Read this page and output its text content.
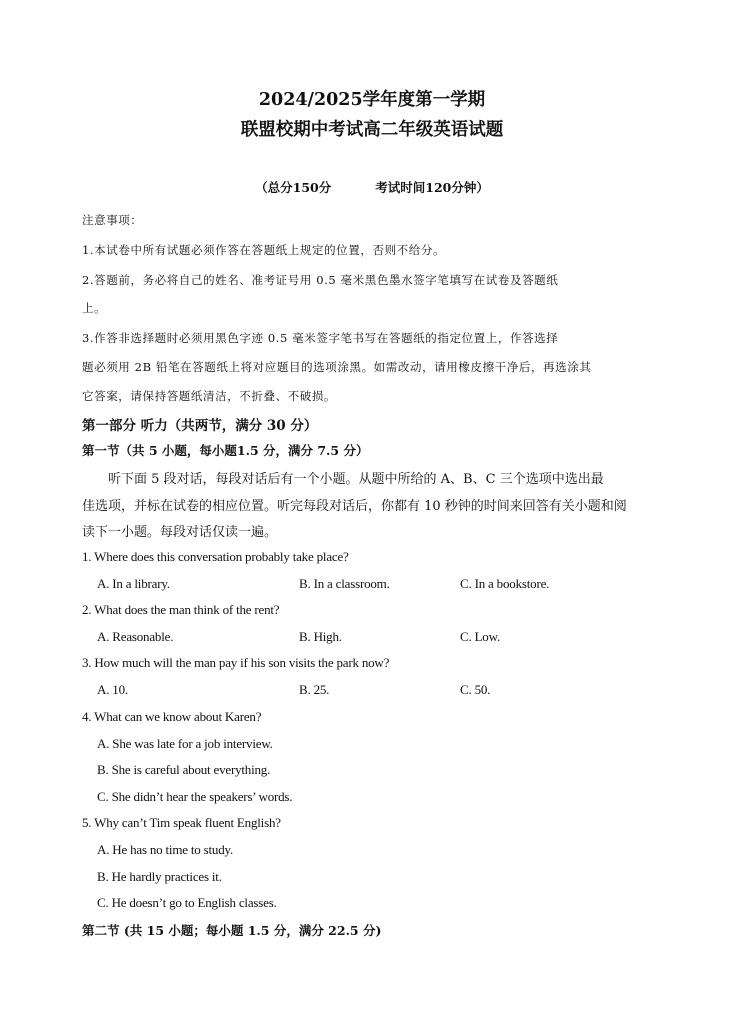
2024/2025学年度第一学期
联盟校期中考试高二年级英语试题
（总分150分	考试时间120分钟）
注意事项：
1.本试卷中所有试题必须作答在答题纸上规定的位置，否则不给分。
2.答题前，务必将自己的姓名、准考证号用 0.5 毫米黑色墨水签字笔填写在试卷及答题纸
上。
3.作答非选择题时必须用黑色字迹 0.5 毫米签字笔书写在答题纸的指定位置上，作答选择
题必须用 2B 铅笔在答题纸上将对应题目的选项涂黑。如需改动，请用橡皮擦干净后，再选涂其
它答案，请保持答题纸清洁，不折叠、不破损。
第一部分 听力（共两节，满分 30 分）
第一节（共 5 小题，每小题1.5 分，满分 7.5 分）
听下面 5 段对话，每段对话后有一个小题。从题中所给的 A、B、C 三个选项中选出最
佳选项，并标在试卷的相应位置。听完每段对话后，你都有 10 秒钟的时间来回答有关小题和阅
读下一小题。每段对话仅读一遍。
1. Where does this conversation probably take place?
A. In a library.	B. In a classroom.	C. In a bookstore.
2. What does the man think of the rent?
A. Reasonable.	B. High.	C. Low.
3. How much will the man pay if his son visits the park now?
A. 10.	B. 25.	C. 50.
4. What can we know about Karen?
A. She was late for a job interview.
B. She is careful about everything.
C. She didn’t hear the speakers’ words.
5. Why can’t Tim speak fluent English?
A. He has no time to study.
B. He hardly practices it.
C. He doesn’t go to English classes.
第二节 (共 15 小题；每小题 1.5 分，满分 22.5 分)
